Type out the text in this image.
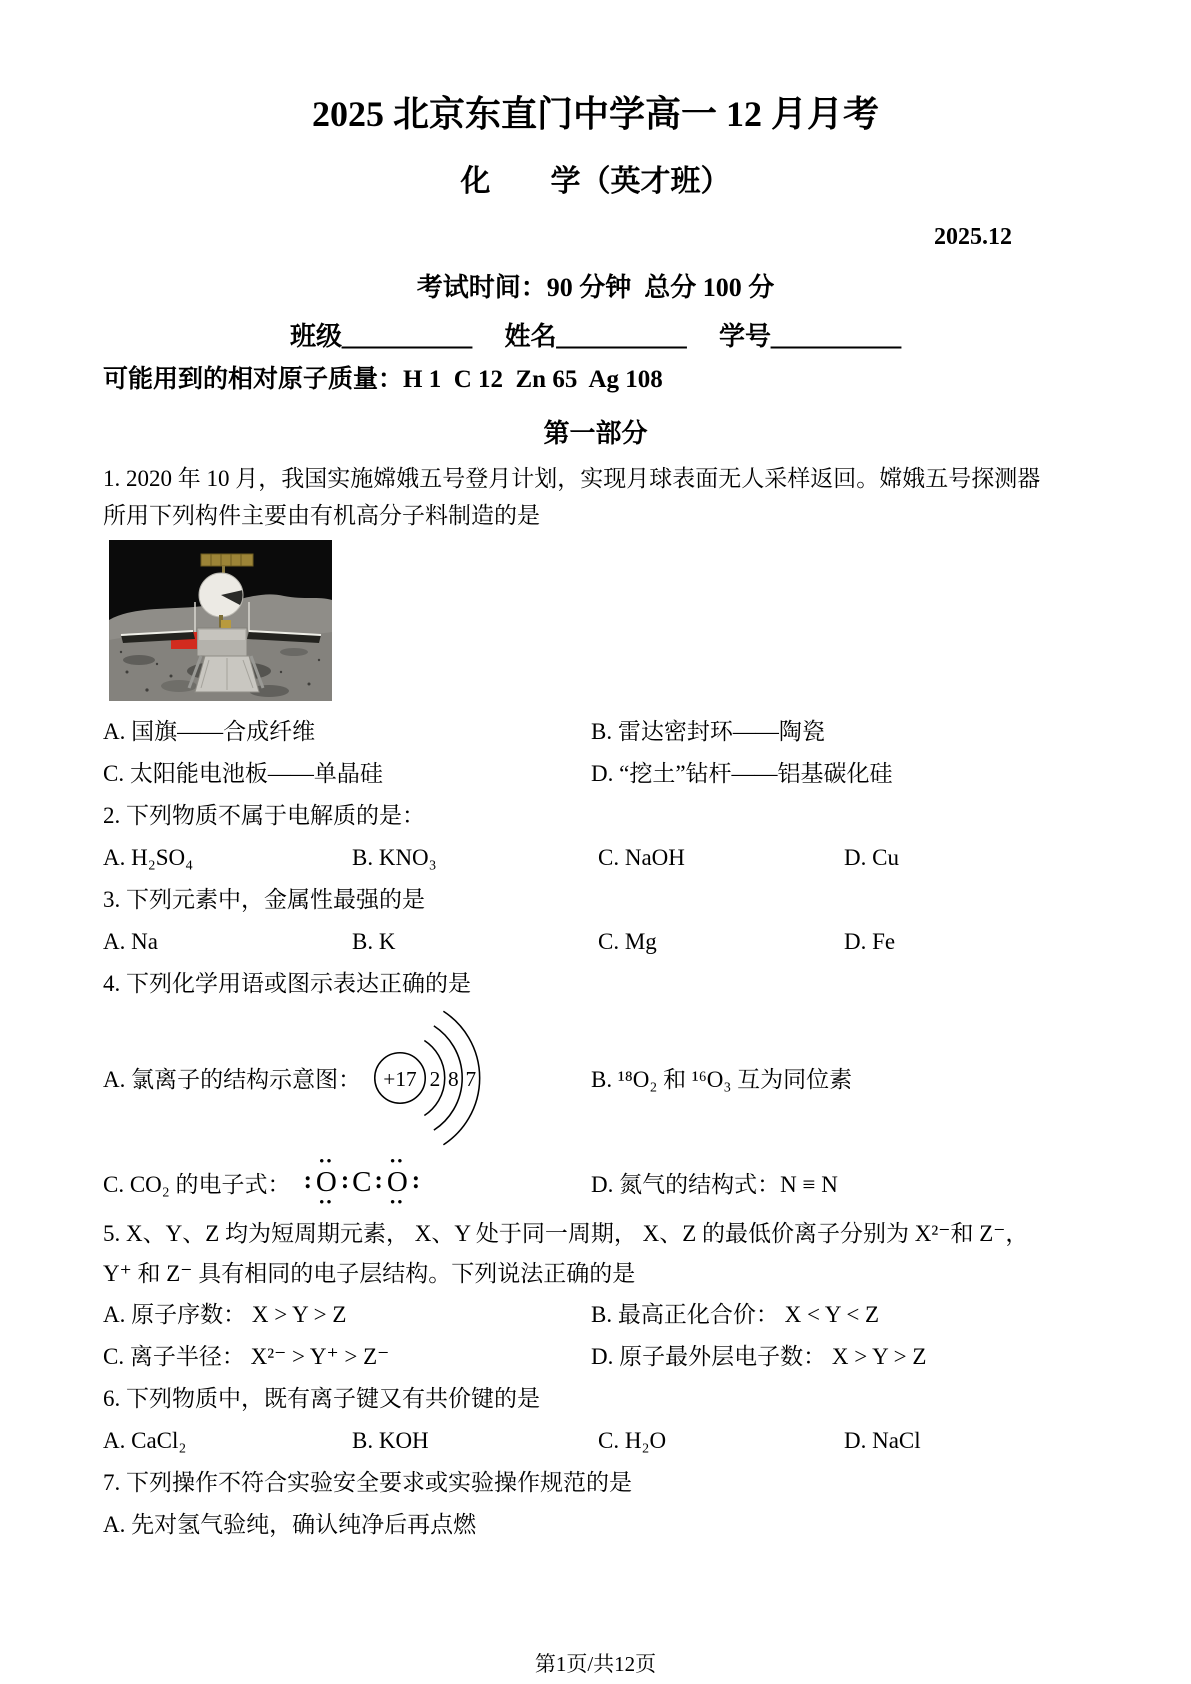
2025 北京东直门中学高一 12 月月考
化　　学（英才班）
2025.12
考试时间：90 分钟  总分 100 分
班级＿＿＿＿＿　 姓名＿＿＿＿＿　 学号＿＿＿＿＿
可能用到的相对原子质量：H 1  C 12  Zn 65  Ag 108
第一部分
1. 2020 年 10 月，我国实施嫦娥五号登月计划，实现月球表面无人采样返回。嫦娥五号探测器所用下列构件主要由有机高分子料制造的是
A. 国旗——合成纤维	B. 雷达密封环——陶瓷
C. 太阳能电池板——单晶硅	D. “挖土”钻杆——铝基碳化硅
2. 下列物质不属于电解质的是：
A. H₂SO₄	B. KNO₃	C. NaOH	D. Cu
3. 下列元素中，金属性最强的是
A. Na	B. K	C. Mg	D. Fe
4. 下列化学用语或图示表达正确的是
A. 氯离子的结构示意图： +17 2 8 7	B. ¹⁸O₂ 和 ¹⁶O₃ 互为同位素
C. CO₂ 的电子式： :
••
O
••
: C :
••
O
••
:	D. 氮气的结构式：N ≡ N
5. X、Y、Z 均为短周期元素， X、Y 处于同一周期， X、Z 的最低价离子分别为 X²⁻和 Z⁻，Y⁺ 和 Z⁻ 具有相同的电子层结构。下列说法正确的是
A. 原子序数： X > Y > Z	B. 最高正化合价： X < Y < Z
C. 离子半径： X²⁻ > Y⁺ > Z⁻	D. 原子最外层电子数： X > Y > Z
6. 下列物质中，既有离子键又有共价键的是
A. CaCl₂	B. KOH	C. H₂O	D. NaCl
7. 下列操作不符合实验安全要求或实验操作规范的是
A. 先对氢气验纯，确认纯净后再点燃
第1页/共12页
